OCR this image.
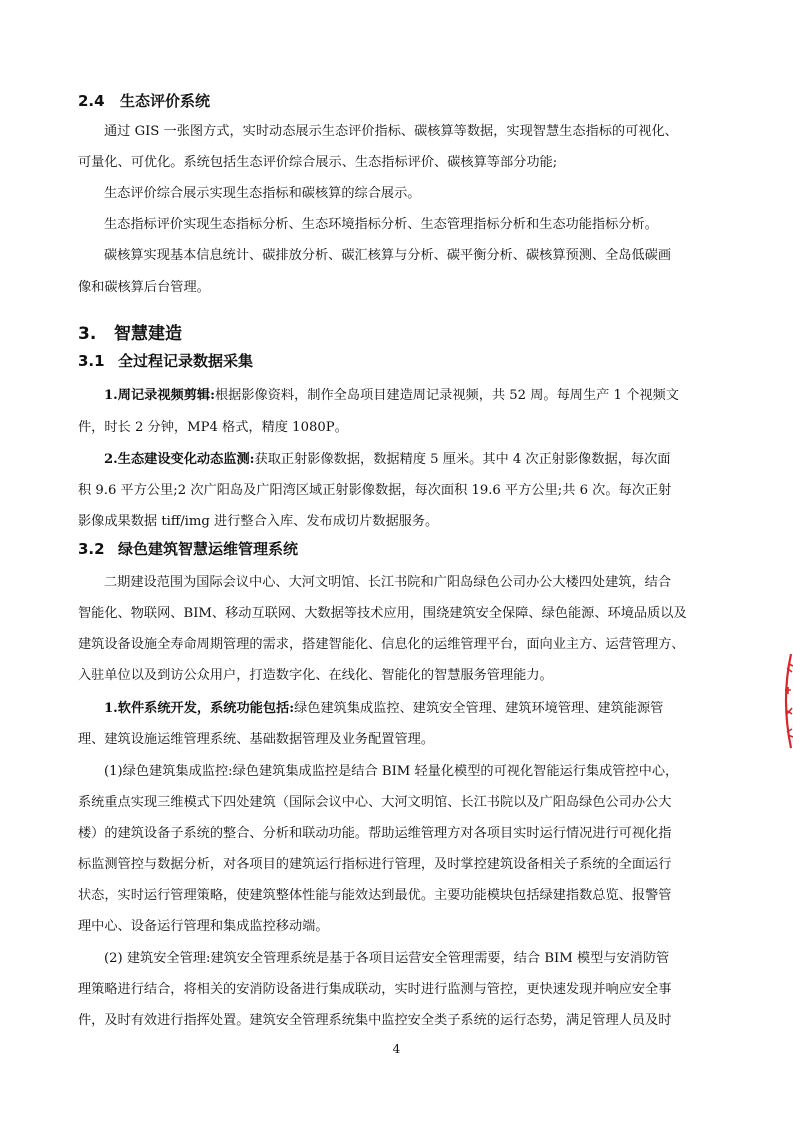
2.4 生态评价系统
通过 GIS 一张图方式，实时动态展示生态评价指标、碳核算等数据，实现智慧生态指标的可视化、
可量化、可优化。系统包括生态评价综合展示、生态指标评价、碳核算等部分功能;
生态评价综合展示实现生态指标和碳核算的综合展示。
生态指标评价实现生态指标分析、生态环境指标分析、生态管理指标分析和生态功能指标分析。
碳核算实现基本信息统计、碳排放分析、碳汇核算与分析、碳平衡分析、碳核算预测、全岛低碳画
像和碳核算后台管理。
3. 智慧建造
3.1 全过程记录数据采集
1.周记录视频剪辑:根据影像资料，制作全岛项目建造周记录视频，共 52 周。每周生产 1 个视频文
件，时长 2 分钟，MP4 格式，精度 1080P。
2.生态建设变化动态监测:获取正射影像数据，数据精度 5 厘米。其中 4 次正射影像数据，每次面
积 9.6 平方公里;2 次广阳岛及广阳湾区域正射影像数据，每次面积 19.6 平方公里;共 6 次。每次正射
影像成果数据 tiff/img 进行整合入库、发布成切片数据服务。
3.2 绿色建筑智慧运维管理系统
二期建设范围为国际会议中心、大河文明馆、长江书院和广阳岛绿色公司办公大楼四处建筑，结合
智能化、物联网、BIM、移动互联网、大数据等技术应用，围绕建筑安全保障、绿色能源、环境品质以及
建筑设备设施全寿命周期管理的需求，搭建智能化、信息化的运维管理平台，面向业主方、运营管理方、
入驻单位以及到访公众用户，打造数字化、在线化、智能化的智慧服务管理能力。
1.软件系统开发，系统功能包括:绿色建筑集成监控、建筑安全管理、建筑环境管理、建筑能源管
理、建筑设施运维管理系统、基础数据管理及业务配置管理。
(1)绿色建筑集成监控:绿色建筑集成监控是结合 BIM 轻量化模型的可视化智能运行集成管控中心，
系统重点实现三维模式下四处建筑（国际会议中心、大河文明馆、长江书院以及广阳岛绿色公司办公大
楼）的建筑设备子系统的整合、分析和联动功能。帮助运维管理方对各项目实时运行情况进行可视化指
标监测管控与数据分析，对各项目的建筑运行指标进行管理，及时掌控建筑设备相关子系统的全面运行
状态，实时运行管理策略，使建筑整体性能与能效达到最优。主要功能模块包括绿建指数总览、报警管
理中心、设备运行管理和集成监控移动端。
(2) 建筑安全管理:建筑安全管理系统是基于各项目运营安全管理需要，结合 BIM 模型与安消防管
理策略进行结合，将相关的安消防设备进行集成联动，实时进行监测与管控，更快速发现并响应安全事
件，及时有效进行指挥处置。建筑安全管理系统集中监控安全类子系统的运行态势，满足管理人员及时
4
